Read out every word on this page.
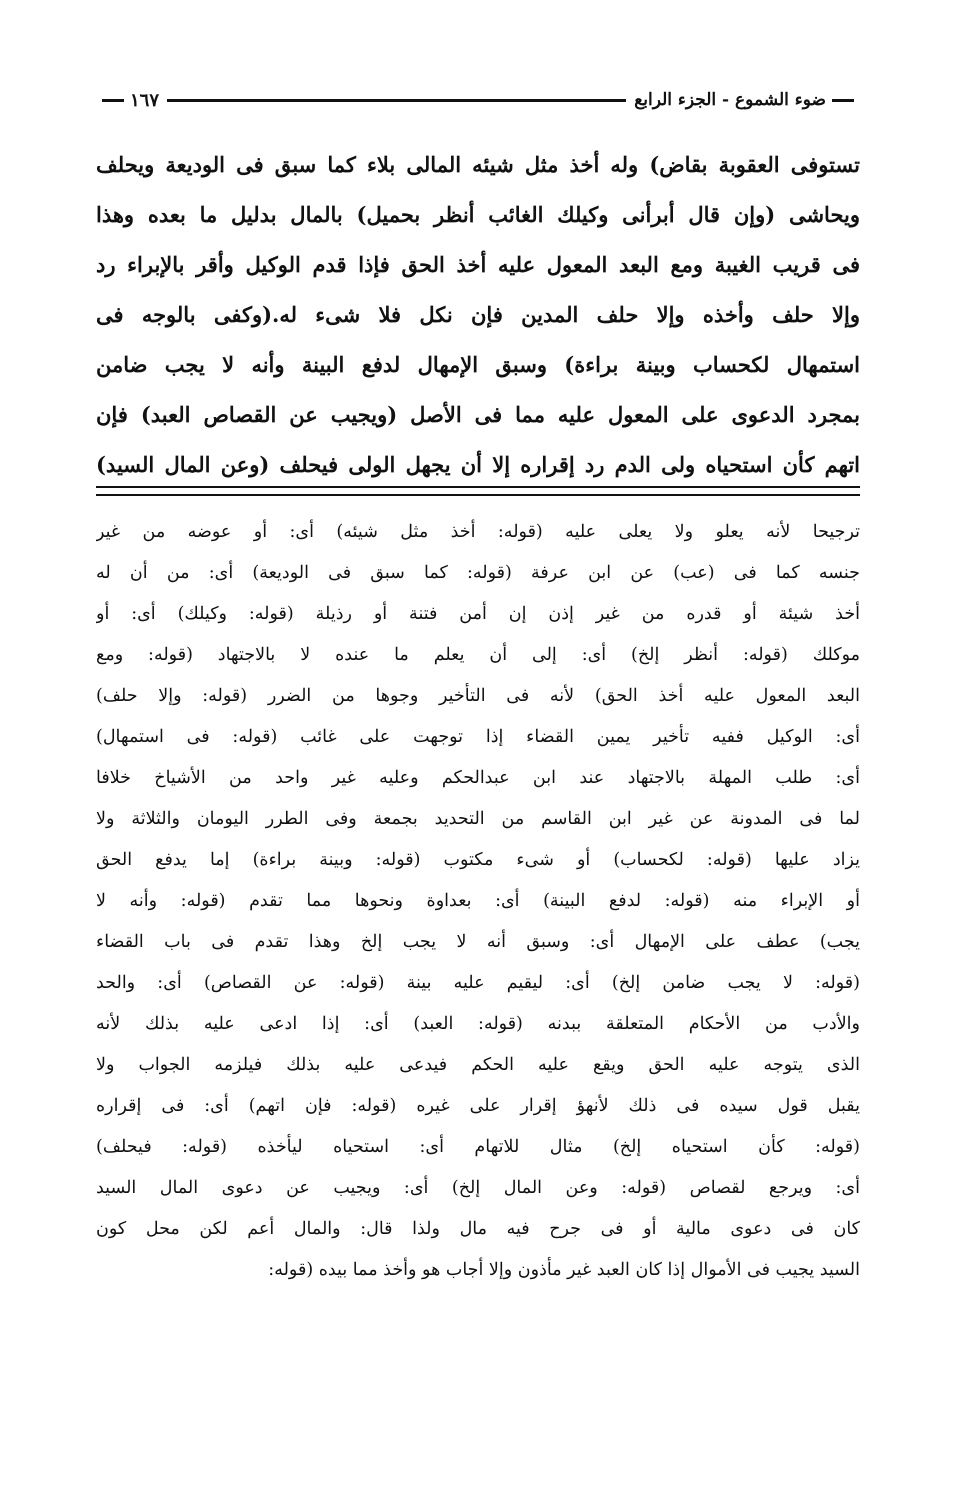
ضوء الشموع - الجزء الرابع
١٦٧
تستوفى العقوبة بقاض) وله أخذ مثل شيئه المالى بلاء كما سبق فى الوديعة ويحلف
ويحاشى (وإن قال أبرأنى وكيلك الغائب أنظر بحميل) بالمال بدليل ما بعده وهذا
فى قريب الغيبة ومع البعد المعول عليه أخذ الحق فإذا قدم الوكيل وأقر بالإبراء رد
وإلا حلف وأخذه وإلا حلف المدين فإن نكل فلا شىء له.(وكفى بالوجه فى
استمهال لكحساب وبينة براءة) وسبق الإمهال لدفع البينة وأنه لا يجب ضامن
بمجرد الدعوى على المعول عليه مما فى الأصل (ويجيب عن القصاص العبد) فإن
اتهم كأن استحياه ولى الدم رد إقراره إلا أن يجهل الولى فيحلف (وعن المال السيد)
ترجيحا لأنه يعلو ولا يعلى عليه (قوله: أخذ مثل شيئه) أى: أو عوضه من غير
جنسه كما فى (عب) عن ابن عرفة (قوله: كما سبق فى الوديعة) أى: من أن له
أخذ شيئة أو قدره من غير إذن إن أمن فتنة أو رذيلة (قوله: وكيلك) أى: أو
موكلك (قوله: أنظر إلخ) أى: إلى أن يعلم ما عنده لا بالاجتهاد (قوله: ومع
البعد المعول عليه أخذ الحق) لأنه فى التأخير وجوها من الضرر (قوله: وإلا حلف)
أى: الوكيل ففيه تأخير يمين القضاء إذا توجهت على غائب (قوله: فى استمهال)
أى: طلب المهلة بالاجتهاد عند ابن عبدالحكم وعليه غير واحد من الأشياخ خلافا
لما فى المدونة عن غير ابن القاسم من التحديد بجمعة وفى الطرر اليومان والثلاثة ولا
يزاد عليها (قوله: لكحساب) أو شىء مكتوب (قوله: وبينة براءة) إما يدفع الحق
أو الإبراء منه (قوله: لدفع البينة) أى: بعداوة ونحوها مما تقدم (قوله: وأنه لا
يجب) عطف على الإمهال أى: وسبق أنه لا يجب إلخ وهذا تقدم فى باب القضاء
(قوله: لا يجب ضامن إلخ) أى: ليقيم عليه بينة (قوله: عن القصاص) أى: والحد
والأدب من الأحكام المتعلقة ببدنه (قوله: العبد) أى: إذا ادعى عليه بذلك لأنه
الذى يتوجه عليه الحق ويقع عليه الحكم فيدعى عليه بذلك فيلزمه الجواب ولا
يقبل قول سيده فى ذلك لأنهؤ إقرار على غيره (قوله: فإن اتهم) أى: فى إقراره
(قوله: كأن استحياه إلخ) مثال للاتهام أى: استحياه ليأخذه (قوله: فيحلف)
أى: ويرجع لقصاص (قوله: وعن المال إلخ) أى: ويجيب عن دعوى المال السيد
كان فى دعوى مالية أو فى جرح فيه مال ولذا قال: والمال أعم لكن محل كون
السيد يجيب فى الأموال إذا كان العبد غير مأذون وإلا أجاب هو وأخذ مما بيده (قوله:
